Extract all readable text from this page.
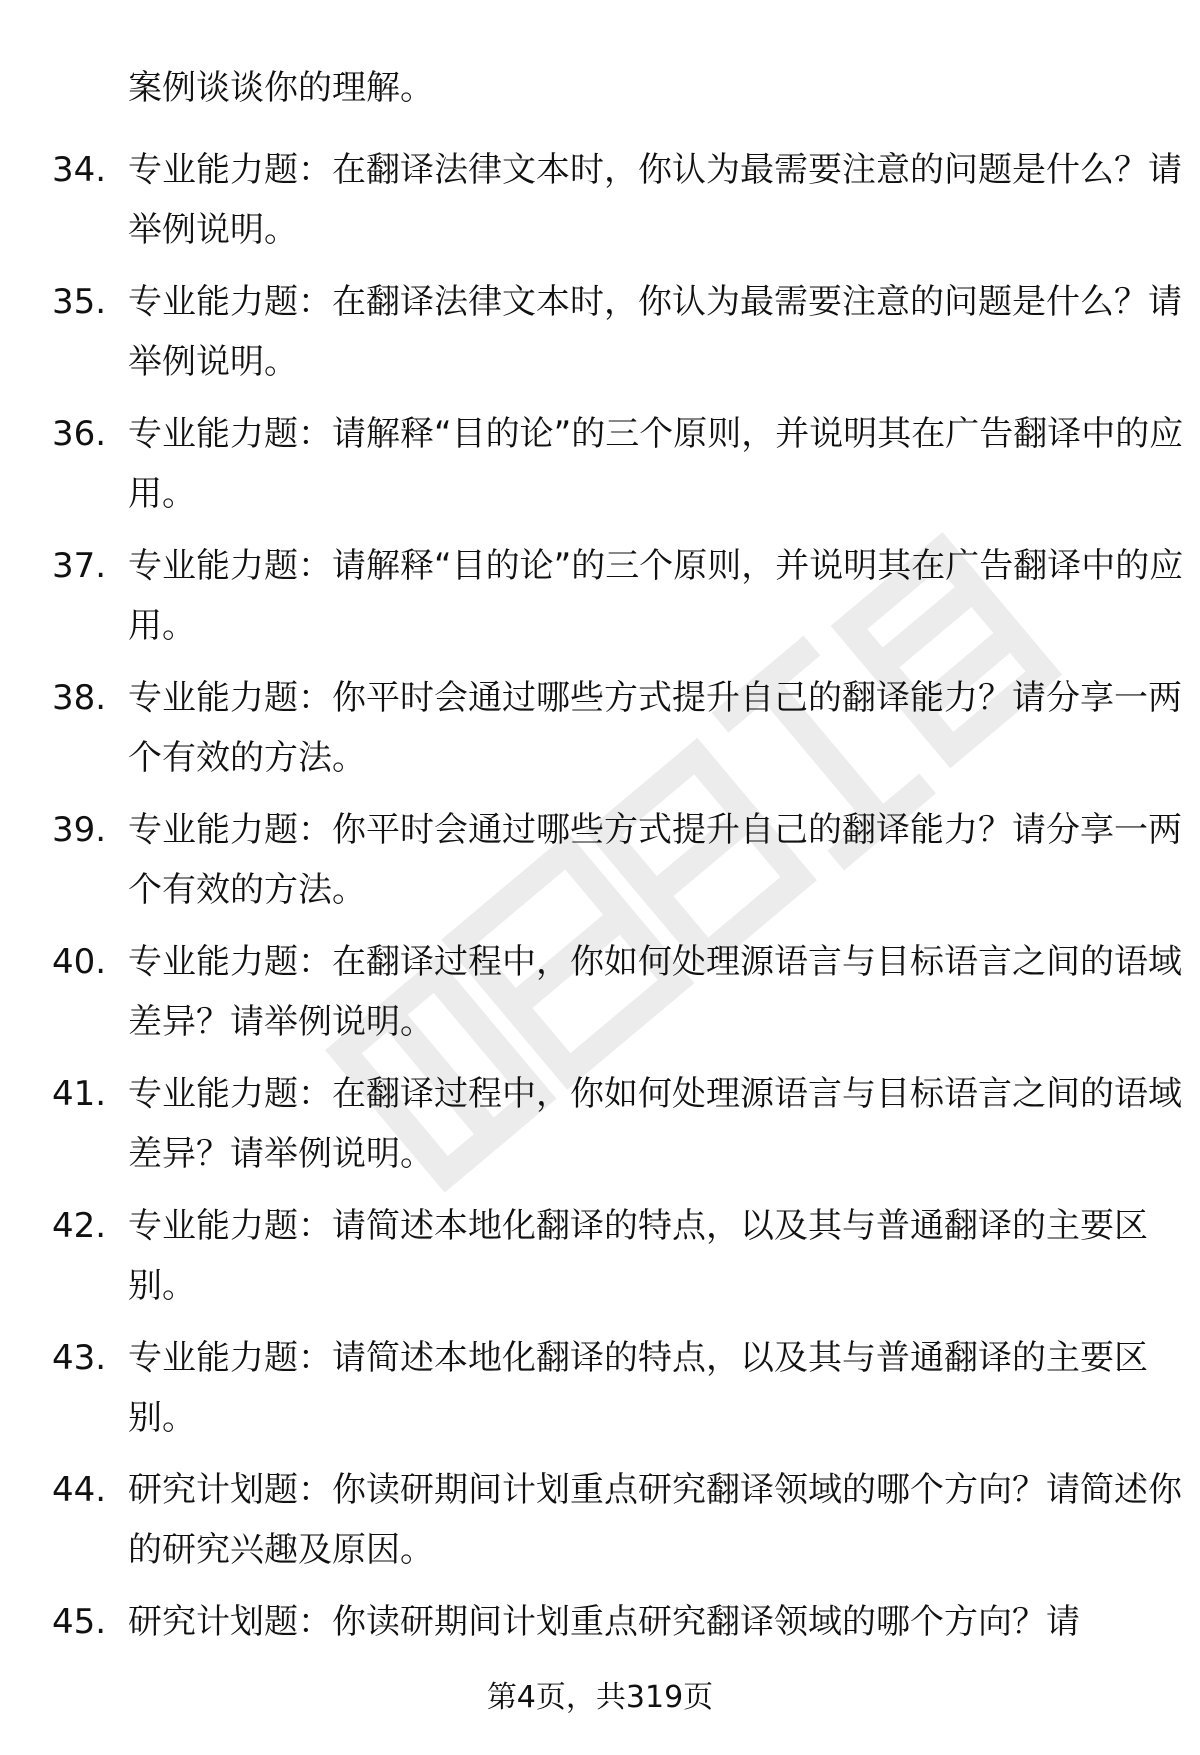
案例谈谈你的理解。
34. 专业能力题：在翻译法律文本时，你认为最需要注意的问题是什么？请举例说明。
35. 专业能力题：在翻译法律文本时，你认为最需要注意的问题是什么？请举例说明。
36. 专业能力题：请解释“目的论”的三个原则，并说明其在广告翻译中的应用。
37. 专业能力题：请解释“目的论”的三个原则，并说明其在广告翻译中的应用。
38. 专业能力题：你平时会通过哪些方式提升自己的翻译能力？请分享一两个有效的方法。
39. 专业能力题：你平时会通过哪些方式提升自己的翻译能力？请分享一两个有效的方法。
40. 专业能力题：在翻译过程中，你如何处理源语言与目标语言之间的语域差异？请举例说明。
41. 专业能力题：在翻译过程中，你如何处理源语言与目标语言之间的语域差异？请举例说明。
42. 专业能力题：请简述本地化翻译的特点，以及其与普通翻译的主要区别。
43. 专业能力题：请简述本地化翻译的特点，以及其与普通翻译的主要区别。
44. 研究计划题：你读研期间计划重点研究翻译领域的哪个方向？请简述你的研究兴趣及原因。
45. 研究计划题：你读研期间计划重点研究翻译领域的哪个方向？请
第4页，共319页
